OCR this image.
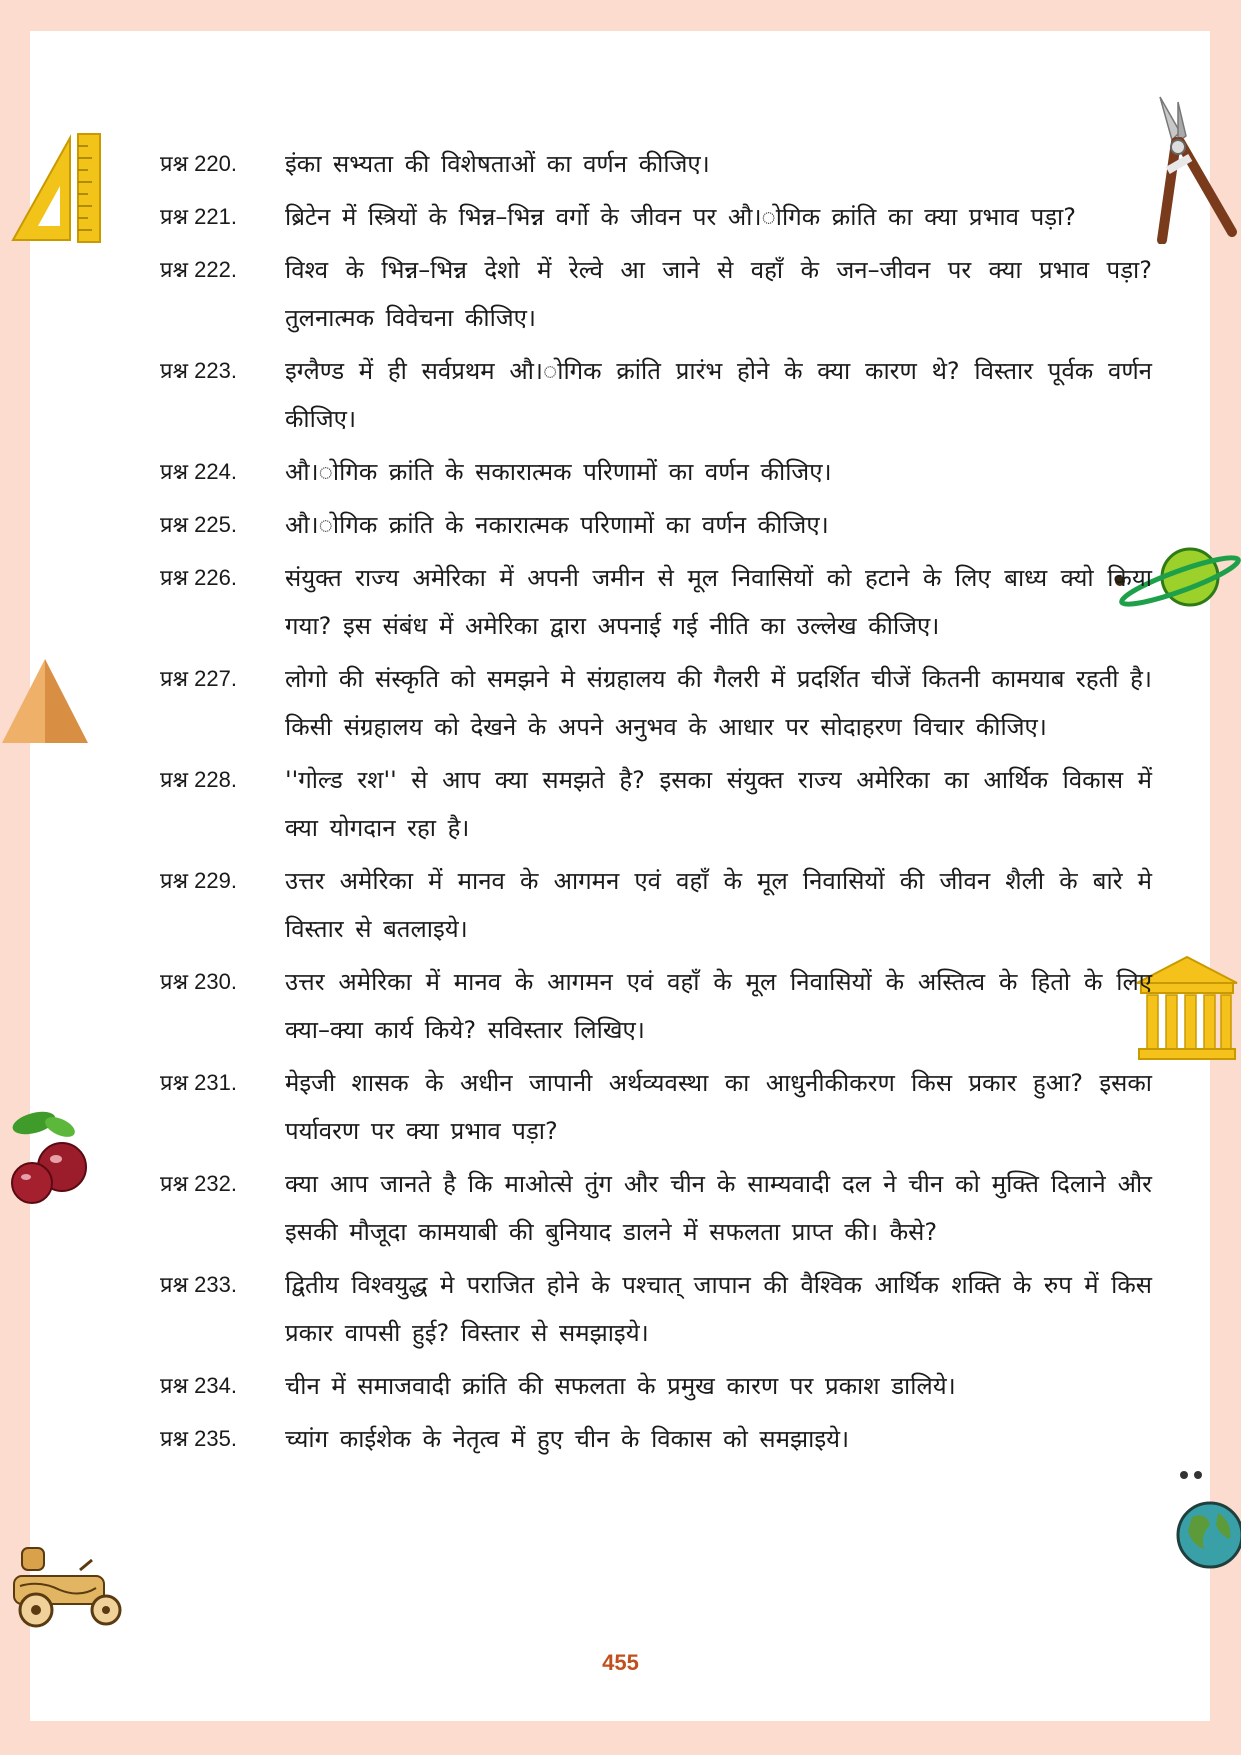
प्रश्न 220.	इंका सभ्यता की विशेषताओं का वर्णन कीजिए।
प्रश्न 221.	ब्रिटेन में स्त्रियों के भिन्न–भिन्न वर्गो के जीवन पर औ।ोगिक क्रांति का क्या प्रभाव पड़ा?
प्रश्न 222.	विश्व के भिन्न–भिन्न देशो में रेल्वे आ जाने से वहाँ के जन–जीवन पर क्या प्रभाव पड़ा? तुलनात्मक विवेचना कीजिए।
प्रश्न 223.	इग्लैण्ड में ही सर्वप्रथम औ।ोगिक क्रांति प्रारंभ होने के क्या कारण थे? विस्तार पूर्वक वर्णन कीजिए।
प्रश्न 224.	औ।ोगिक क्रांति के सकारात्मक परिणामों का वर्णन कीजिए।
प्रश्न 225.	औ।ोगिक क्रांति के नकारात्मक परिणामों का वर्णन कीजिए।
प्रश्न 226.	संयुक्त राज्य अमेरिका में अपनी जमीन से मूल निवासियों को हटाने के लिए बाध्य क्यो किया गया? इस संबंध में अमेरिका द्वारा अपनाई गई नीति का उल्लेख कीजिए।
प्रश्न 227.	लोगो की संस्कृति को समझने मे संग्रहालय की गैलरी में प्रदर्शित चीजें कितनी कामयाब रहती है। किसी संग्रहालय को देखने के अपने अनुभव के आधार पर सोदाहरण विचार कीजिए।
प्रश्न 228.	''गोल्ड रश'' से आप क्या समझते है? इसका संयुक्त राज्य अमेरिका का आर्थिक विकास में क्या योगदान रहा है।
प्रश्न 229.	उत्तर अमेरिका में मानव के आगमन एवं वहाँ के मूल निवासियों की जीवन शैली के बारे मे विस्तार से बतलाइये।
प्रश्न 230.	उत्तर अमेरिका में मानव के आगमन एवं वहाँ के मूल निवासियों के अस्तित्व के हितो के लिए क्या–क्या कार्य किये? सविस्तार लिखिए।
प्रश्न 231.	मेइजी शासक के अधीन जापानी अर्थव्यवस्था का आधुनीकीकरण किस प्रकार हुआ? इसका पर्यावरण पर क्या प्रभाव पड़ा?
प्रश्न 232.	क्या आप जानते है कि माओत्से तुंग और चीन के साम्यवादी दल ने चीन को मुक्ति दिलाने और इसकी मौजूदा कामयाबी की बुनियाद डालने में सफलता प्राप्त की। कैसे?
प्रश्न 233.	द्वितीय विश्वयुद्ध मे पराजित होने के पश्चात् जापान की वैश्विक आर्थिक शक्ति के रुप में किस प्रकार वापसी हुई? विस्तार से समझाइये।
प्रश्न 234.	चीन में समाजवादी क्रांति की सफलता के प्रमुख कारण पर प्रकाश डालिये।
प्रश्न 235.	च्यांग काईशेक के नेतृत्व में हुए चीन के विकास को समझाइये।
455
